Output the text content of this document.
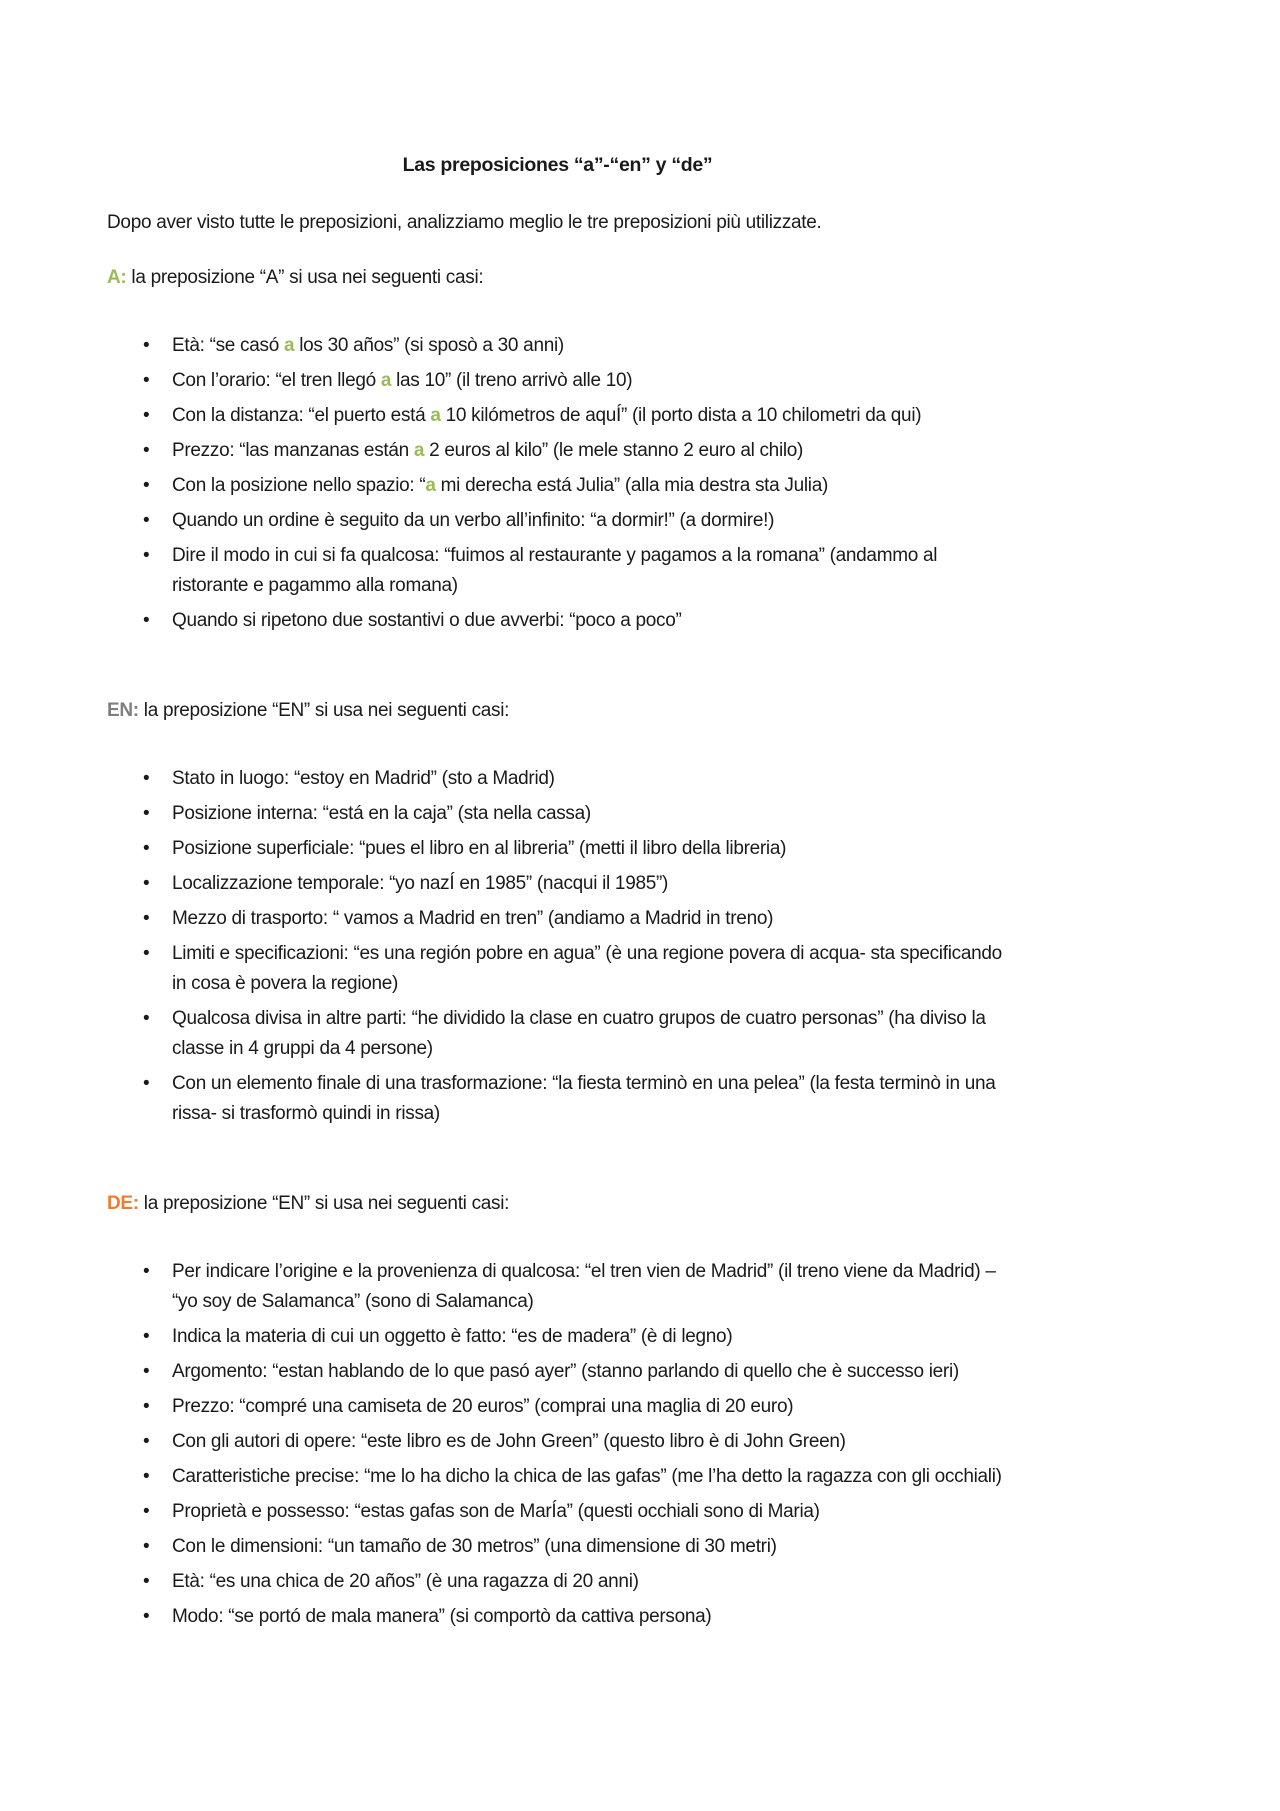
Las preposiciones “a”-“en” y “de”

Dopo aver visto tutte le preposizioni, analizziamo meglio le tre preposizioni più utilizzate.

A: la preposizione “A” si usa nei seguenti casi:

• Età: “se casó a los 30 años” (si sposò a 30 anni)
• Con l’orario: “el tren llegó a las 10” (il treno arrivò alle 10)
• Con la distanza: “el puerto está a 10 kilómetros de aquÍ” (il porto dista a 10 chilometri da qui)
• Prezzo: “las manzanas están a 2 euros al kilo” (le mele stanno 2 euro al chilo)
• Con la posizione nello spazio: “a mi derecha está Julia” (alla mia destra sta Julia)
• Quando un ordine è seguito da un verbo all’infinito: “a dormir!” (a dormire!)
• Dire il modo in cui si fa qualcosa: “fuimos al restaurante y pagamos a la romana” (andammo al ristorante e pagammo alla romana)
• Quando si ripetono due sostantivi o due avverbi: “poco a poco”

EN: la preposizione “EN” si usa nei seguenti casi:

• Stato in luogo: “estoy en Madrid” (sto a Madrid)
• Posizione interna: “está en la caja” (sta nella cassa)
• Posizione superficiale: “pues el libro en al libreria” (metti il libro della libreria)
• Localizzazione temporale: “yo nazÍ en 1985” (nacqui il 1985”)
• Mezzo di trasporto: “ vamos a Madrid en tren” (andiamo a Madrid in treno)
• Limiti e specificazioni: “es una región pobre en agua” (è una regione povera di acqua- sta specificando in cosa è povera la regione)
• Qualcosa divisa in altre parti: “he dividido la clase en cuatro grupos de cuatro personas” (ha diviso la classe in 4 gruppi da 4 persone)
• Con un elemento finale di una trasformazione: “la fiesta terminò en una pelea” (la festa terminò in una rissa- si trasformò quindi in rissa)

DE: la preposizione “EN” si usa nei seguenti casi:

• Per indicare l’origine e la provenienza di qualcosa: “el tren vien de Madrid” (il treno viene da Madrid) – “yo soy de Salamanca” (sono di Salamanca)
• Indica la materia di cui un oggetto è fatto: “es de madera” (è di legno)
• Argomento: “estan hablando de lo que pasó ayer” (stanno parlando di quello che è successo ieri)
• Prezzo: “compré una camiseta de 20 euros” (comprai una maglia di 20 euro)
• Con gli autori di opere: “este libro es de John Green” (questo libro è di John Green)
• Caratteristiche precise: “me lo ha dicho la chica de las gafas” (me l’ha detto la ragazza con gli occhiali)
• Proprietà e possesso: “estas gafas son de MarÍa” (questi occhiali sono di Maria)
• Con le dimensioni: “un tamaño de 30 metros” (una dimensione di 30 metri)
• Età: “es una chica de 20 años” (è una ragazza di 20 anni)
• Modo: “se portó de mala manera” (si comportò da cattiva persona)
